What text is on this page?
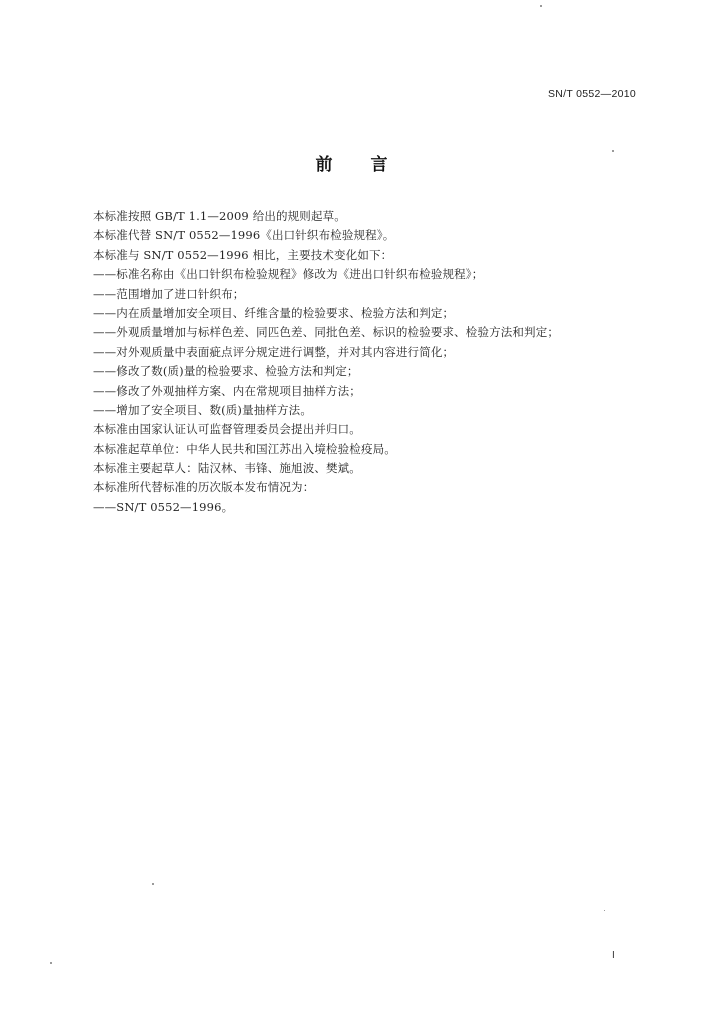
SN/T 0552—2010
前 言
本标准按照 GB/T 1.1—2009 给出的规则起草。
本标准代替 SN/T 0552—1996《出口针织布检验规程》。
本标准与 SN/T 0552—1996 相比，主要技术变化如下：
——标准名称由《出口针织布检验规程》修改为《进出口针织布检验规程》；
——范围增加了进口针织布；
——内在质量增加安全项目、纤维含量的检验要求、检验方法和判定；
——外观质量增加与标样色差、同匹色差、同批色差、标识的检验要求、检验方法和判定；
——对外观质量中表面疵点评分规定进行调整，并对其内容进行简化；
——修改了数(质)量的检验要求、检验方法和判定；
——修改了外观抽样方案、内在常规项目抽样方法；
——增加了安全项目、数(质)量抽样方法。
本标准由国家认证认可监督管理委员会提出并归口。
本标准起草单位：中华人民共和国江苏出入境检验检疫局。
本标准主要起草人：陆汉林、韦锋、施旭波、樊斌。
本标准所代替标准的历次版本发布情况为：
——SN/T 0552—1996。
I
